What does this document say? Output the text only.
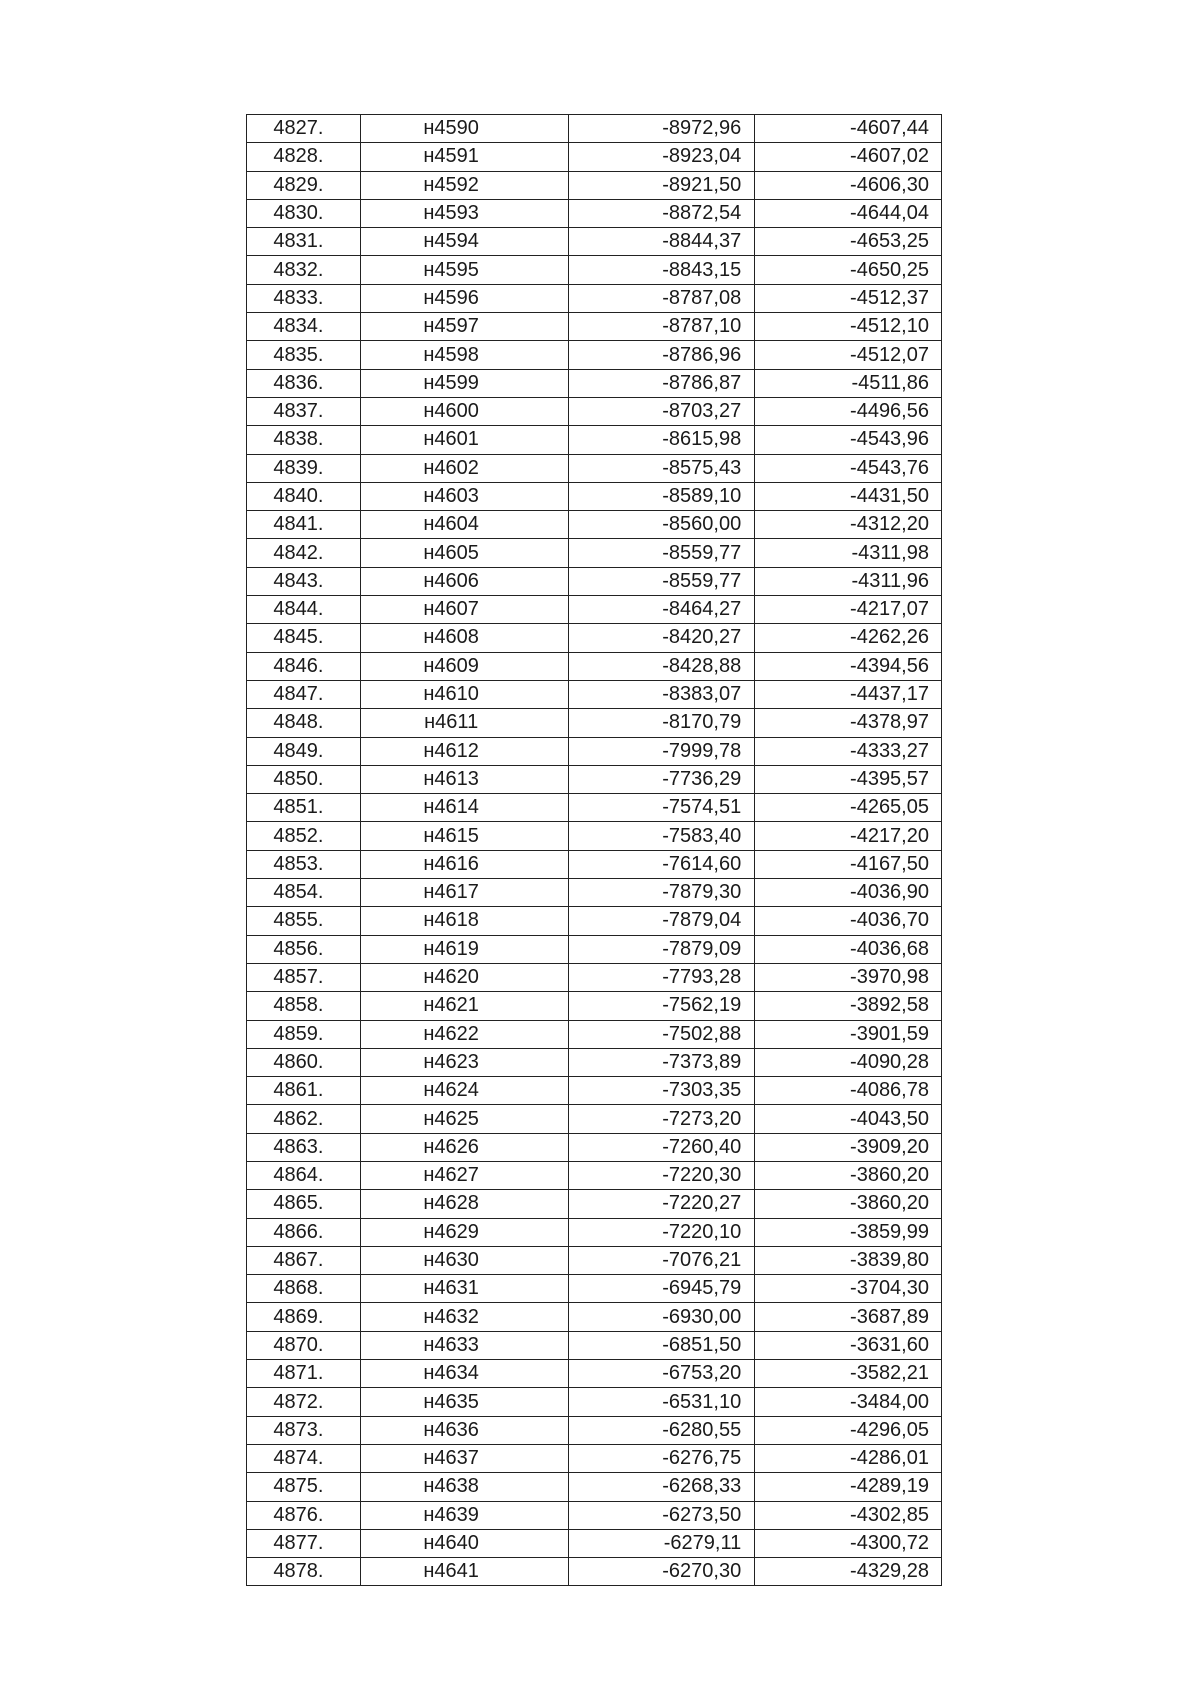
4827.	н4590	-8972,96	-4607,44
4828.	н4591	-8923,04	-4607,02
4829.	н4592	-8921,50	-4606,30
4830.	н4593	-8872,54	-4644,04
4831.	н4594	-8844,37	-4653,25
4832.	н4595	-8843,15	-4650,25
4833.	н4596	-8787,08	-4512,37
4834.	н4597	-8787,10	-4512,10
4835.	н4598	-8786,96	-4512,07
4836.	н4599	-8786,87	-4511,86
4837.	н4600	-8703,27	-4496,56
4838.	н4601	-8615,98	-4543,96
4839.	н4602	-8575,43	-4543,76
4840.	н4603	-8589,10	-4431,50
4841.	н4604	-8560,00	-4312,20
4842.	н4605	-8559,77	-4311,98
4843.	н4606	-8559,77	-4311,96
4844.	н4607	-8464,27	-4217,07
4845.	н4608	-8420,27	-4262,26
4846.	н4609	-8428,88	-4394,56
4847.	н4610	-8383,07	-4437,17
4848.	н4611	-8170,79	-4378,97
4849.	н4612	-7999,78	-4333,27
4850.	н4613	-7736,29	-4395,57
4851.	н4614	-7574,51	-4265,05
4852.	н4615	-7583,40	-4217,20
4853.	н4616	-7614,60	-4167,50
4854.	н4617	-7879,30	-4036,90
4855.	н4618	-7879,04	-4036,70
4856.	н4619	-7879,09	-4036,68
4857.	н4620	-7793,28	-3970,98
4858.	н4621	-7562,19	-3892,58
4859.	н4622	-7502,88	-3901,59
4860.	н4623	-7373,89	-4090,28
4861.	н4624	-7303,35	-4086,78
4862.	н4625	-7273,20	-4043,50
4863.	н4626	-7260,40	-3909,20
4864.	н4627	-7220,30	-3860,20
4865.	н4628	-7220,27	-3860,20
4866.	н4629	-7220,10	-3859,99
4867.	н4630	-7076,21	-3839,80
4868.	н4631	-6945,79	-3704,30
4869.	н4632	-6930,00	-3687,89
4870.	н4633	-6851,50	-3631,60
4871.	н4634	-6753,20	-3582,21
4872.	н4635	-6531,10	-3484,00
4873.	н4636	-6280,55	-4296,05
4874.	н4637	-6276,75	-4286,01
4875.	н4638	-6268,33	-4289,19
4876.	н4639	-6273,50	-4302,85
4877.	н4640	-6279,11	-4300,72
4878.	н4641	-6270,30	-4329,28
